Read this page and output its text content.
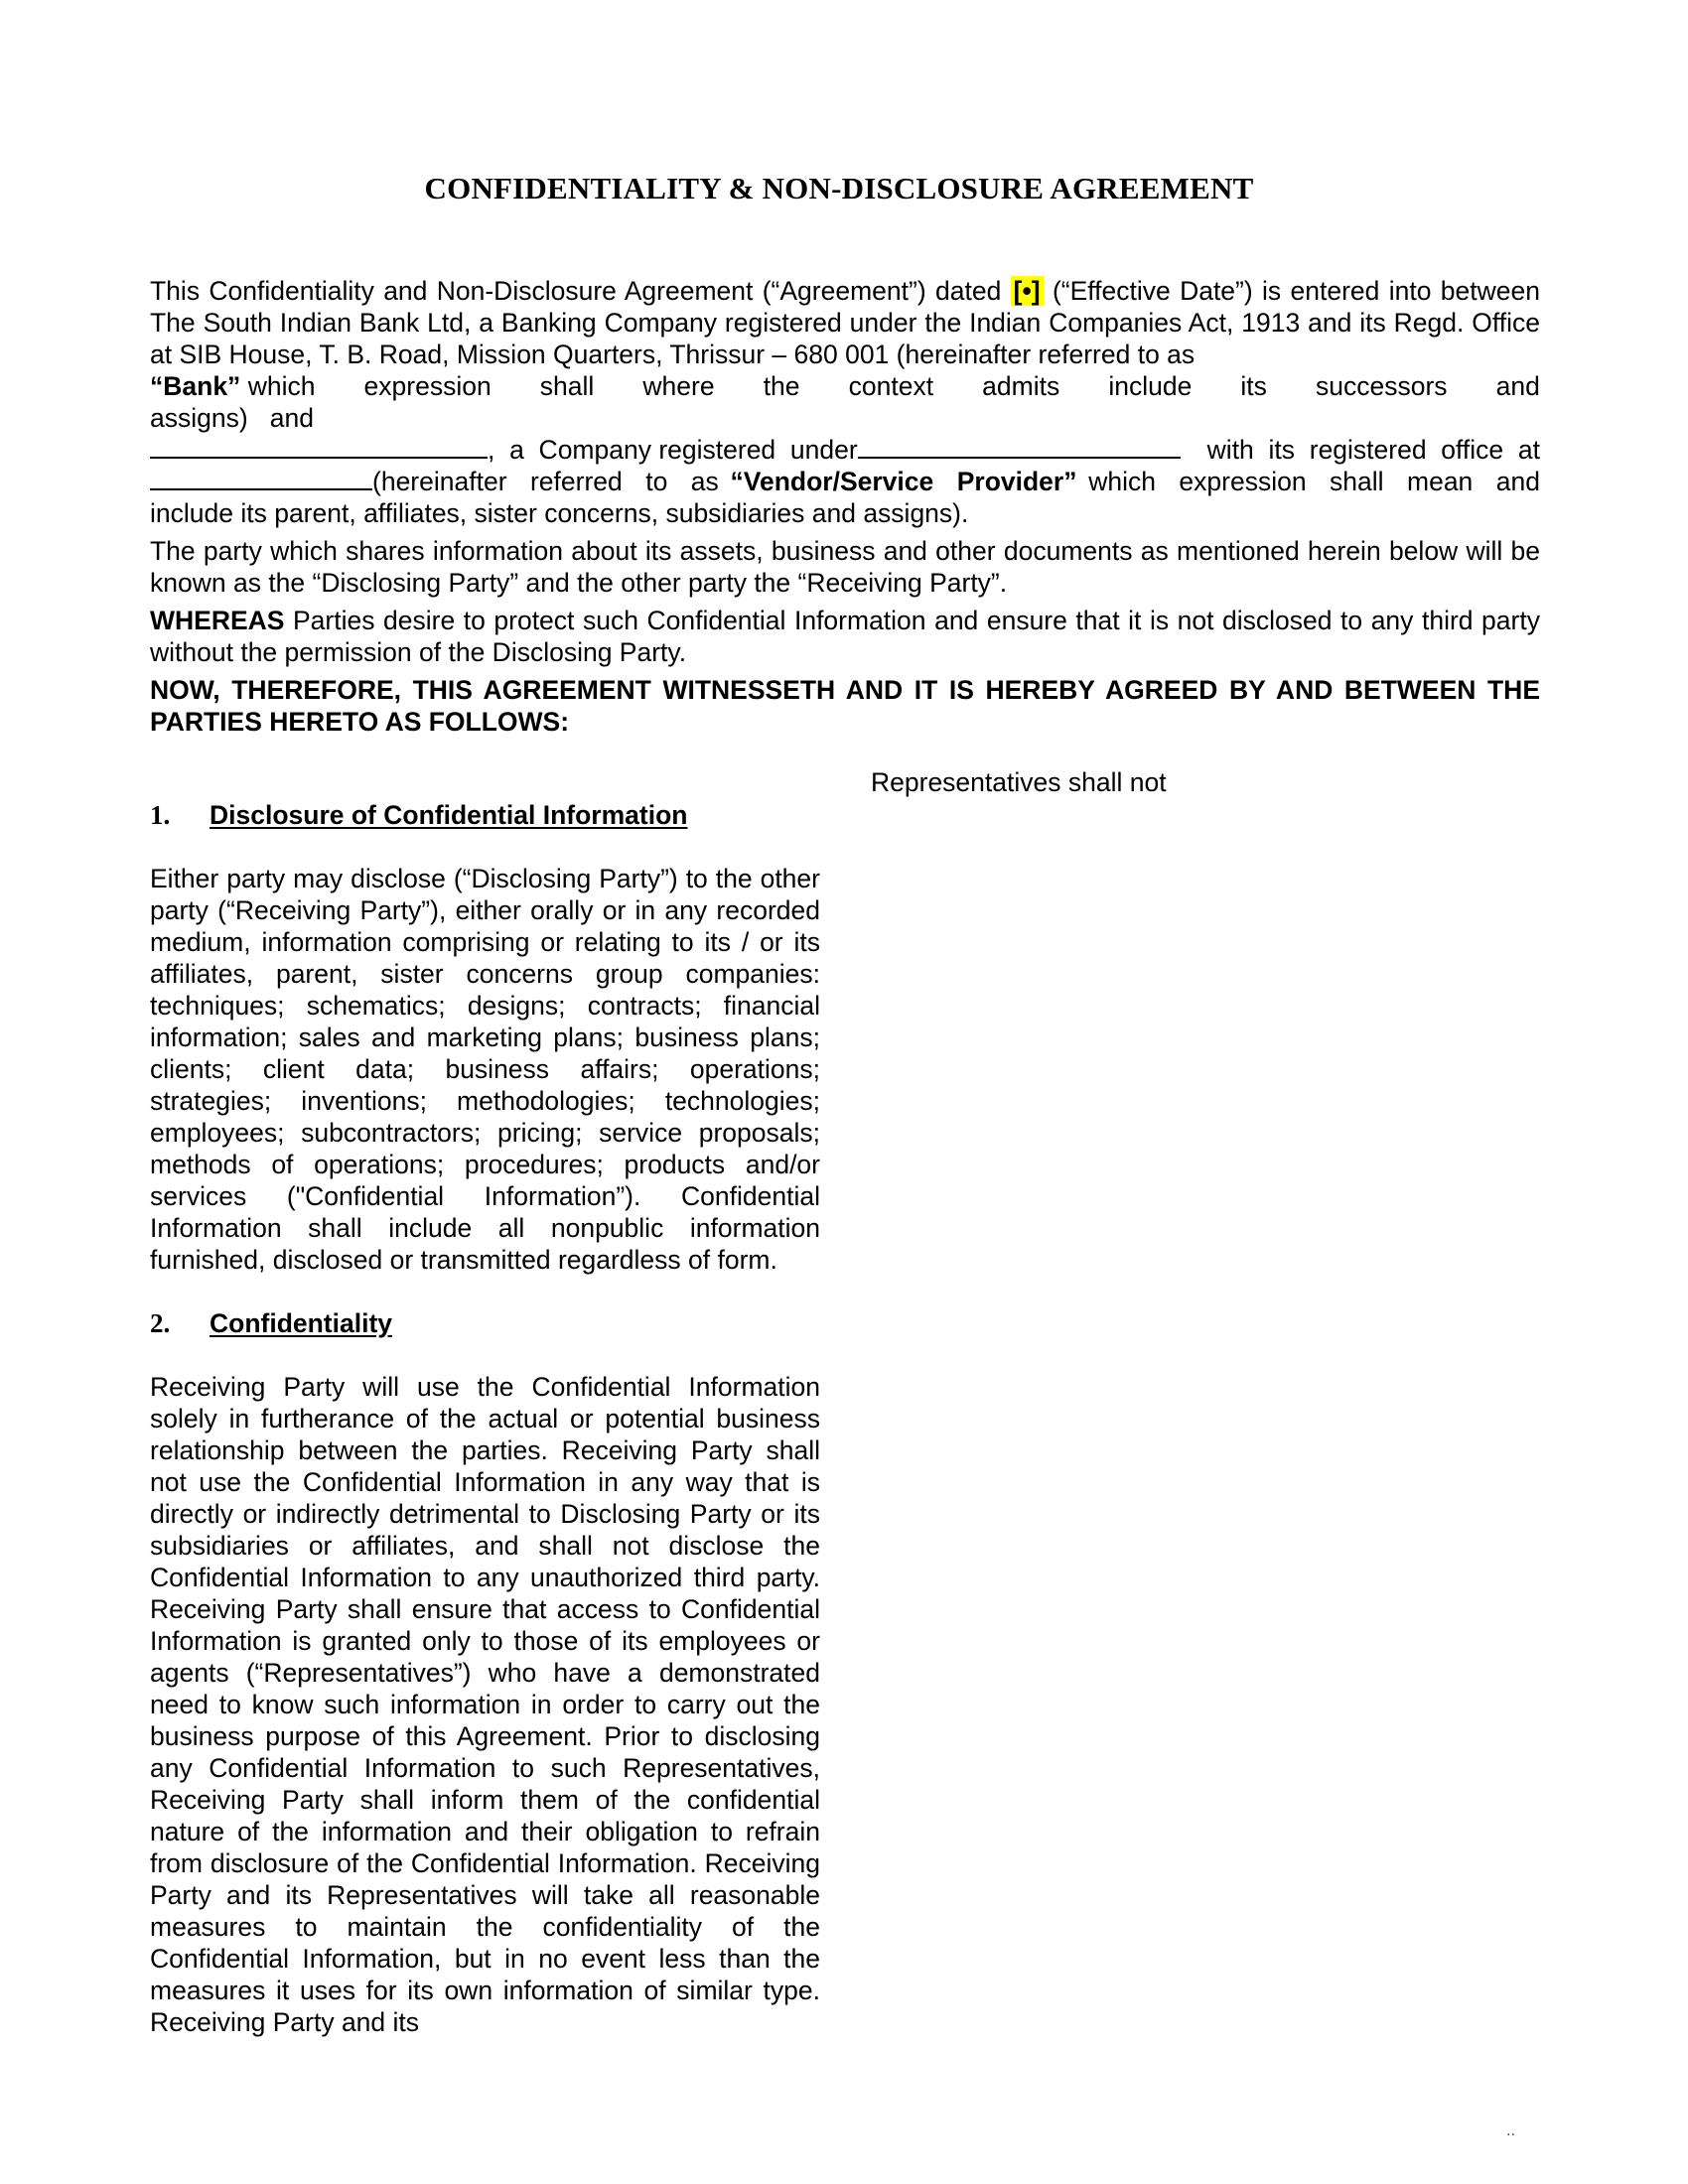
CONFIDENTIALITY & NON-DISCLOSURE AGREEMENT

This Confidentiality and Non-Disclosure Agreement (“Agreement”) dated [•] (“Effective Date”) is entered into between The South Indian Bank Ltd, a Banking Company registered under the Indian Companies Act, 1913 and its Regd. Office at SIB House, T. B. Road, Mission Quarters, Thrissur – 680 001 (hereinafter referred to as

“Bank” which expression shall where the context admits include its successors and

assigns)   and

,  a  Company registered  under	with  its  registered  office  at

(hereinafter  referred  to  as “Vendor/Service  Provider” which  expression  shall  mean  and include its parent, affiliates, sister concerns, subsidiaries and assigns).

The party which shares information about its assets, business and other documents as mentioned herein below will be known as the “Disclosing Party” and the other party the “Receiving Party”.

WHEREAS Parties desire to protect such Confidential Information and ensure that it is not disclosed to any third party without the permission of the Disclosing Party.

NOW, THEREFORE, THIS AGREEMENT WITNESSETH AND IT IS HEREBY AGREED BY AND BETWEEN THE PARTIES HERETO AS FOLLOWS:

1.	Disclosure of Confidential Information

Either party may disclose (“Disclosing Party”) to the other party (“Receiving Party”), either orally or in any recorded medium, information comprising or relating to its / or its affiliates, parent, sister concerns group companies: techniques; schematics; designs; contracts; financial information; sales and marketing plans; business plans; clients; client data; business affairs; operations; strategies; inventions; methodologies; technologies; employees; subcontractors; pricing; service proposals; methods of operations; procedures; products and/or services ("Confidential Information”). Confidential Information shall include all nonpublic information furnished, disclosed or transmitted regardless of form.

2.	Confidentiality

Receiving Party will use the Confidential Information solely in furtherance of the actual or potential business relationship between the parties. Receiving Party shall not use the Confidential Information in any way that is directly or indirectly detrimental to Disclosing Party or its subsidiaries or affiliates, and shall not disclose the Confidential Information to any unauthorized third party. Receiving Party shall ensure that access to Confidential Information is granted only to those of its employees or agents (“Representatives”) who have a demonstrated need to know such information in order to carry out the business purpose of this Agreement. Prior to disclosing any Confidential Information to such Representatives, Receiving Party shall inform them of the confidential nature of the information and their obligation to refrain from disclosure of the Confidential Information. Receiving Party and its Representatives will take all reasonable measures to maintain the confidentiality of the Confidential Information, but in no event less than the measures it uses for its own information of similar type. Receiving Party and its

Representatives shall not
..
